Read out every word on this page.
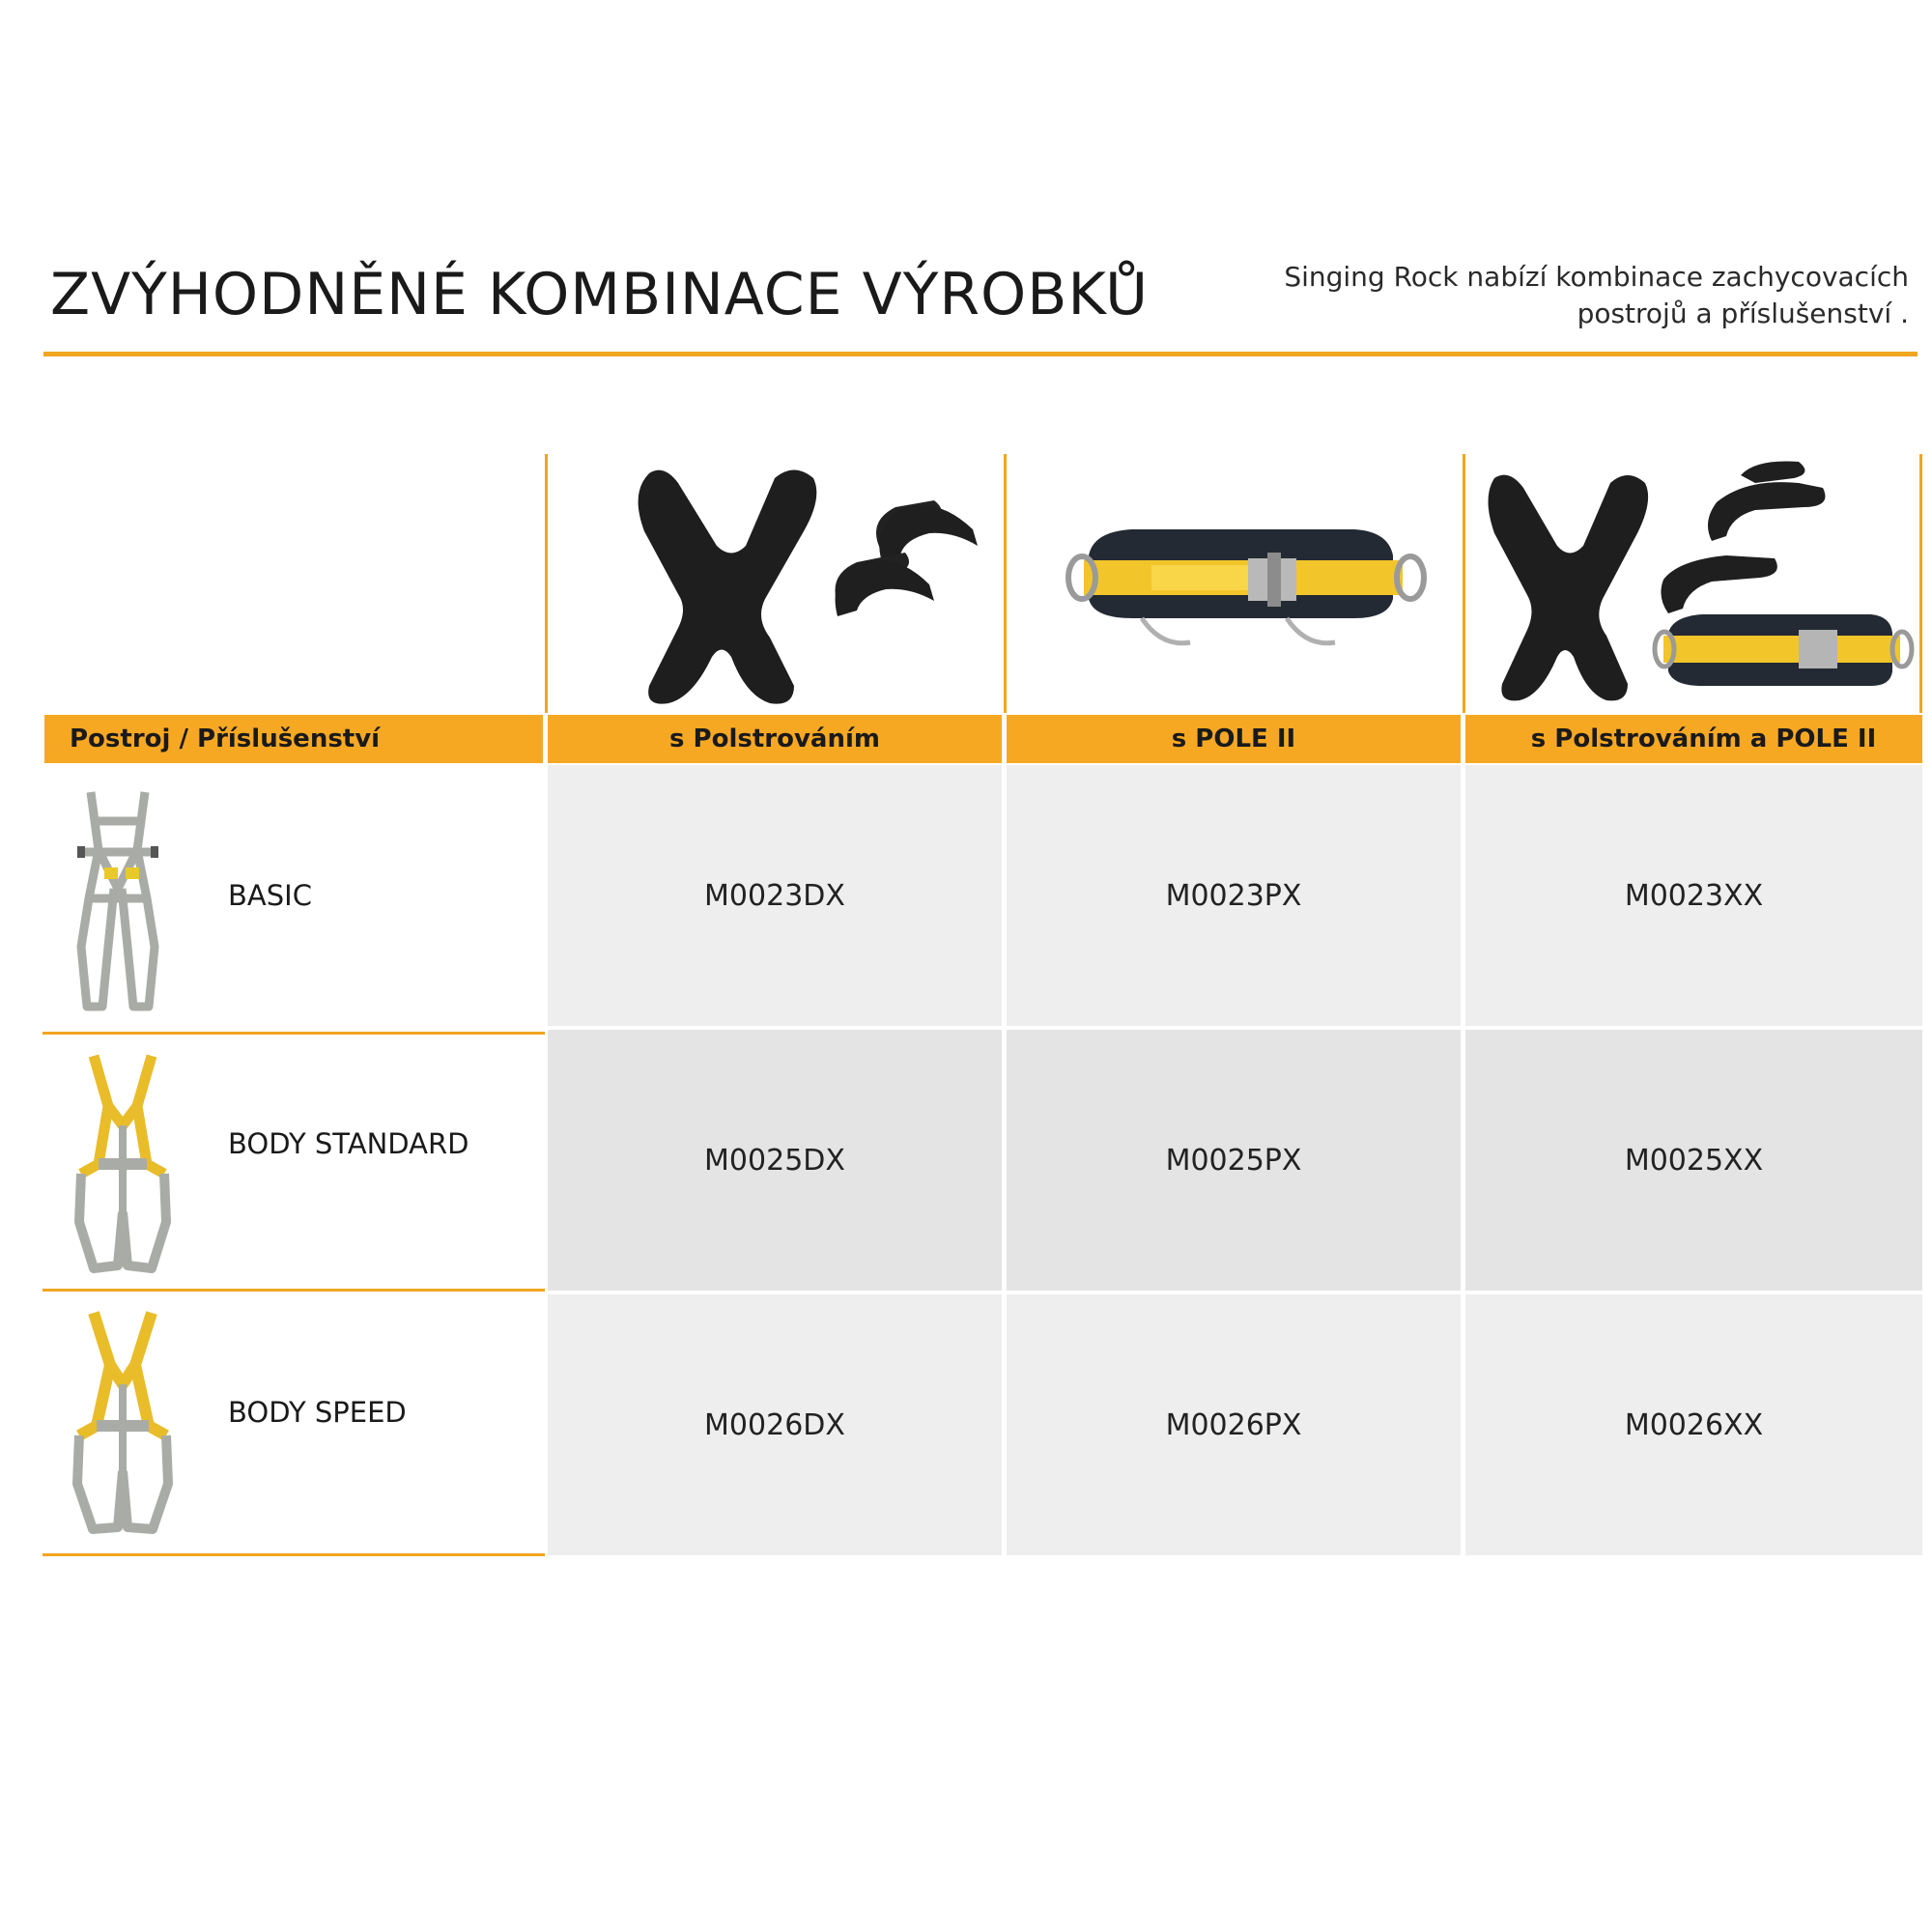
ZVÝHODNĚNÉ KOMBINACE VÝROBKŮ	Singing Rock nabízí kombinace zachycovacích
postrojů a příslušenství .
Postroj / Příslušenství	s Polstrováním	s POLE II	s Polstrováním a POLE II
BASIC	M0023DX	M0023PX	M0023XX
BODY STANDARD	M0025DX	M0025PX	M0025XX
BODY SPEED	M0026DX	M0026PX	M0026XX
